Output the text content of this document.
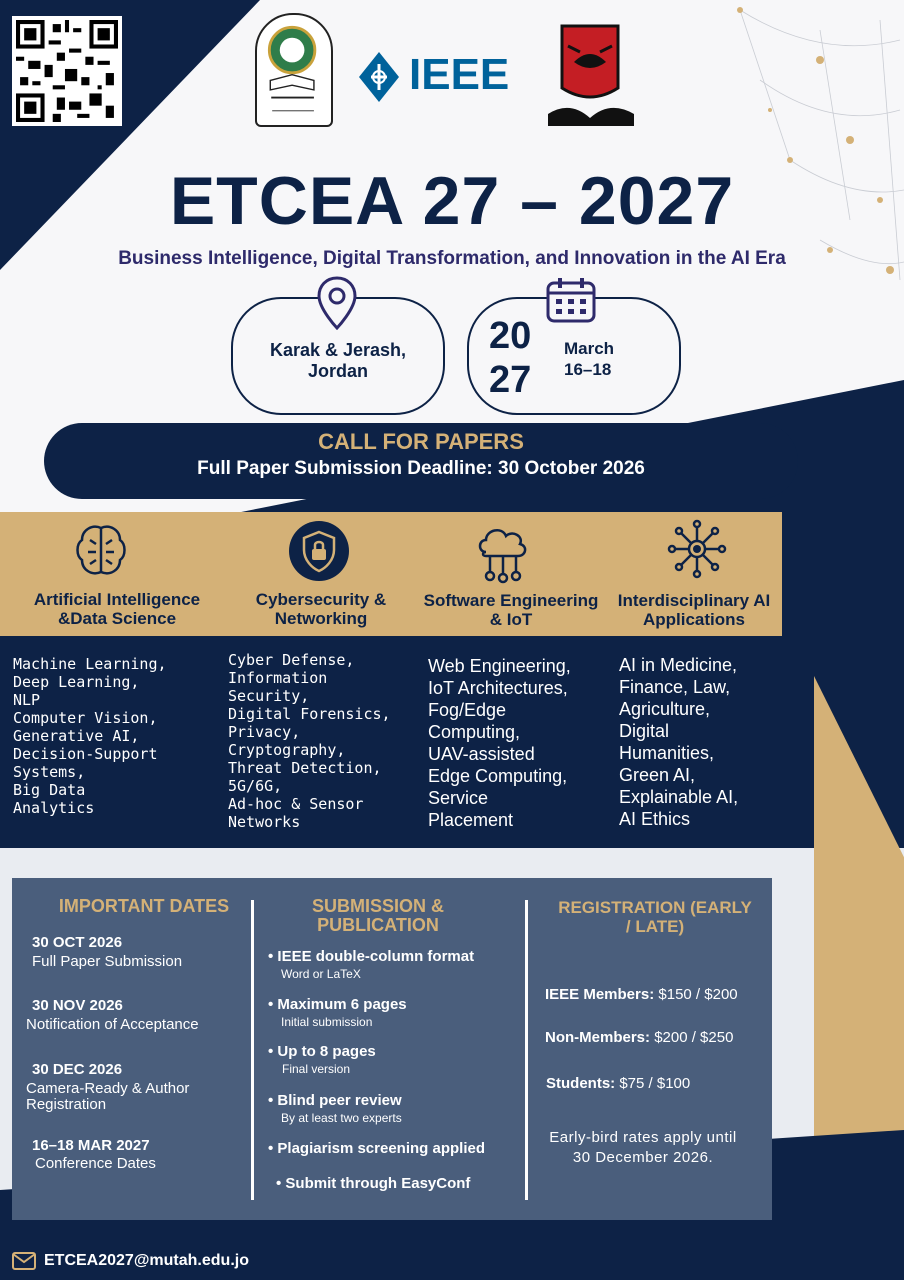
IEEE
ETCEA 27 – 2027
Business Intelligence, Digital Transformation, and Innovation in the AI Era
Karak & Jerash,
Jordan
20
27
March
16–18
CALL FOR PAPERS
Full Paper Submission Deadline: 30 October 2026
Artificial Intelligence &Data Science
Cybersecurity & Networking
Software Engineering & IoT
Interdisciplinary AI Applications
Machine Learning,
Deep Learning,
NLP
Computer Vision,
Generative AI,
Decision-Support
Systems,
Big Data
Analytics
Cyber Defense,
Information
Security,
Digital Forensics,
Privacy,
Cryptography,
Threat Detection,
5G/6G,
Ad-hoc & Sensor
Networks
Web Engineering,
IoT Architectures,
Fog/Edge
Computing,
UAV-assisted
Edge Computing,
Service
Placement
AI in Medicine,
Finance, Law,
Agriculture,
Digital
Humanities,
Green AI,
Explainable AI,
AI Ethics
IMPORTANT DATES
30 OCT 2026
Full Paper Submission
30 NOV 2026
Notification of Acceptance
30 DEC 2026
Camera-Ready & Author Registration
16–18 MAR 2027
Conference Dates
SUBMISSION & PUBLICATION
• IEEE double-column format
Word or LaTeX
• Maximum 6 pages
Initial submission
• Up to 8 pages
Final version
• Blind peer review
By at least two experts
• Plagiarism screening applied
• Submit through EasyConf
REGISTRATION (EARLY / LATE)
IEEE Members: $150 / $200
Non-Members: $200 / $250
Students: $75 / $100
Early-bird rates apply until 30 December 2026.
ETCEA2027@mutah.edu.jo
